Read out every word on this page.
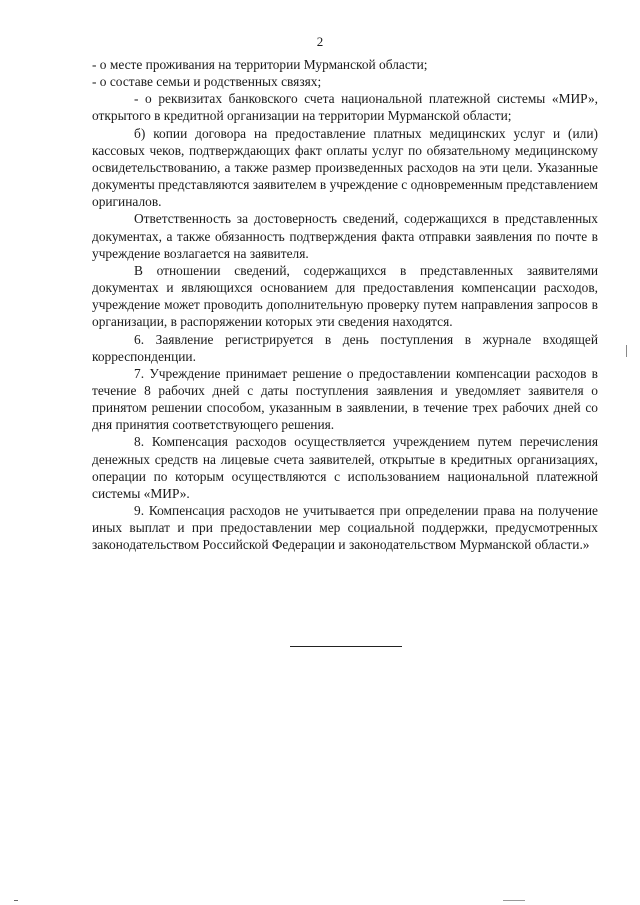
2

- о месте проживания на территории Мурманской области;

- о составе семьи и родственных связях;

- о реквизитах банковского счета национальной платежной системы «МИР», открытого в кредитной организации на территории Мурманской области;

б) копии договора на предоставление платных медицинских услуг и (или) кассовых чеков, подтверждающих факт оплаты услуг по обязательному медицинскому освидетельствованию, а также размер произведенных расходов на эти цели. Указанные документы представляются заявителем в учреждение с одновременным представлением оригиналов.

Ответственность за достоверность сведений, содержащихся в представленных документах, а также обязанность подтверждения факта отправки заявления по почте в учреждение возлагается на заявителя.

В отношении сведений, содержащихся в представленных заявителями документах и являющихся основанием для предоставления компенсации расходов, учреждение может проводить дополнительную проверку путем направления запросов в организации, в распоряжении которых эти сведения находятся.

6. Заявление регистрируется в день поступления в журнале входящей корреспонденции.

7. Учреждение принимает решение о предоставлении компенсации расходов в течение 8 рабочих дней с даты поступления заявления и уведомляет заявителя о принятом решении способом, указанным в заявлении, в течение трех рабочих дней со дня принятия соответствующего решения.

8. Компенсация расходов осуществляется учреждением путем перечисления денежных средств на лицевые счета заявителей, открытые в кредитных организациях, операции по которым осуществляются с использованием национальной платежной системы «МИР».

9. Компенсация расходов не учитывается при определении права на получение иных выплат и при предоставлении мер социальной поддержки, предусмотренных законодательством Российской Федерации и законодательством Мурманской области.»
